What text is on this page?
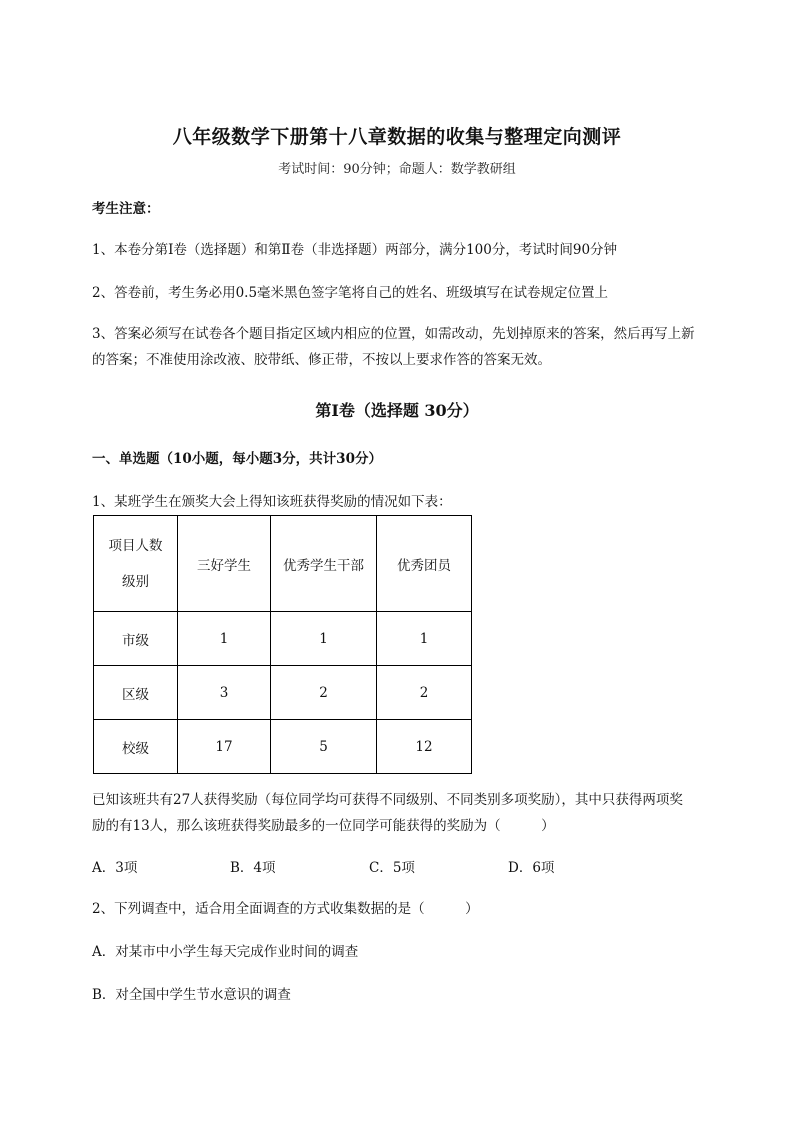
八年级数学下册第十八章数据的收集与整理定向测评
考试时间：90分钟；命题人：数学教研组
考生注意：
1、本卷分第I卷（选择题）和第Ⅱ卷（非选择题）两部分，满分100分，考试时间90分钟
2、答卷前，考生务必用0.5毫米黑色签字笔将自己的姓名、班级填写在试卷规定位置上
3、答案必须写在试卷各个题目指定区域内相应的位置，如需改动，先划掉原来的答案，然后再写上新
的答案；不准使用涂改液、胶带纸、修正带，不按以上要求作答的答案无效。
第I卷（选择题 30分）
一、单选题（10小题，每小题3分，共计30分）
1、某班学生在颁奖大会上得知该班获得奖励的情况如下表：
项目人数
级别	三好学生	优秀学生干部	优秀团员
市级	1	1	1
区级	3	2	2
校级	17	5	12
已知该班共有27人获得奖励（每位同学均可获得不同级别、不同类别多项奖励），其中只获得两项奖
励的有13人，那么该班获得奖励最多的一位同学可能获得的奖励为（　　　）
A．3项	B．4项	C．5项	D．6项
2、下列调查中，适合用全面调查的方式收集数据的是（　　　）
A．对某市中小学生每天完成作业时间的调查
B．对全国中学生节水意识的调查
